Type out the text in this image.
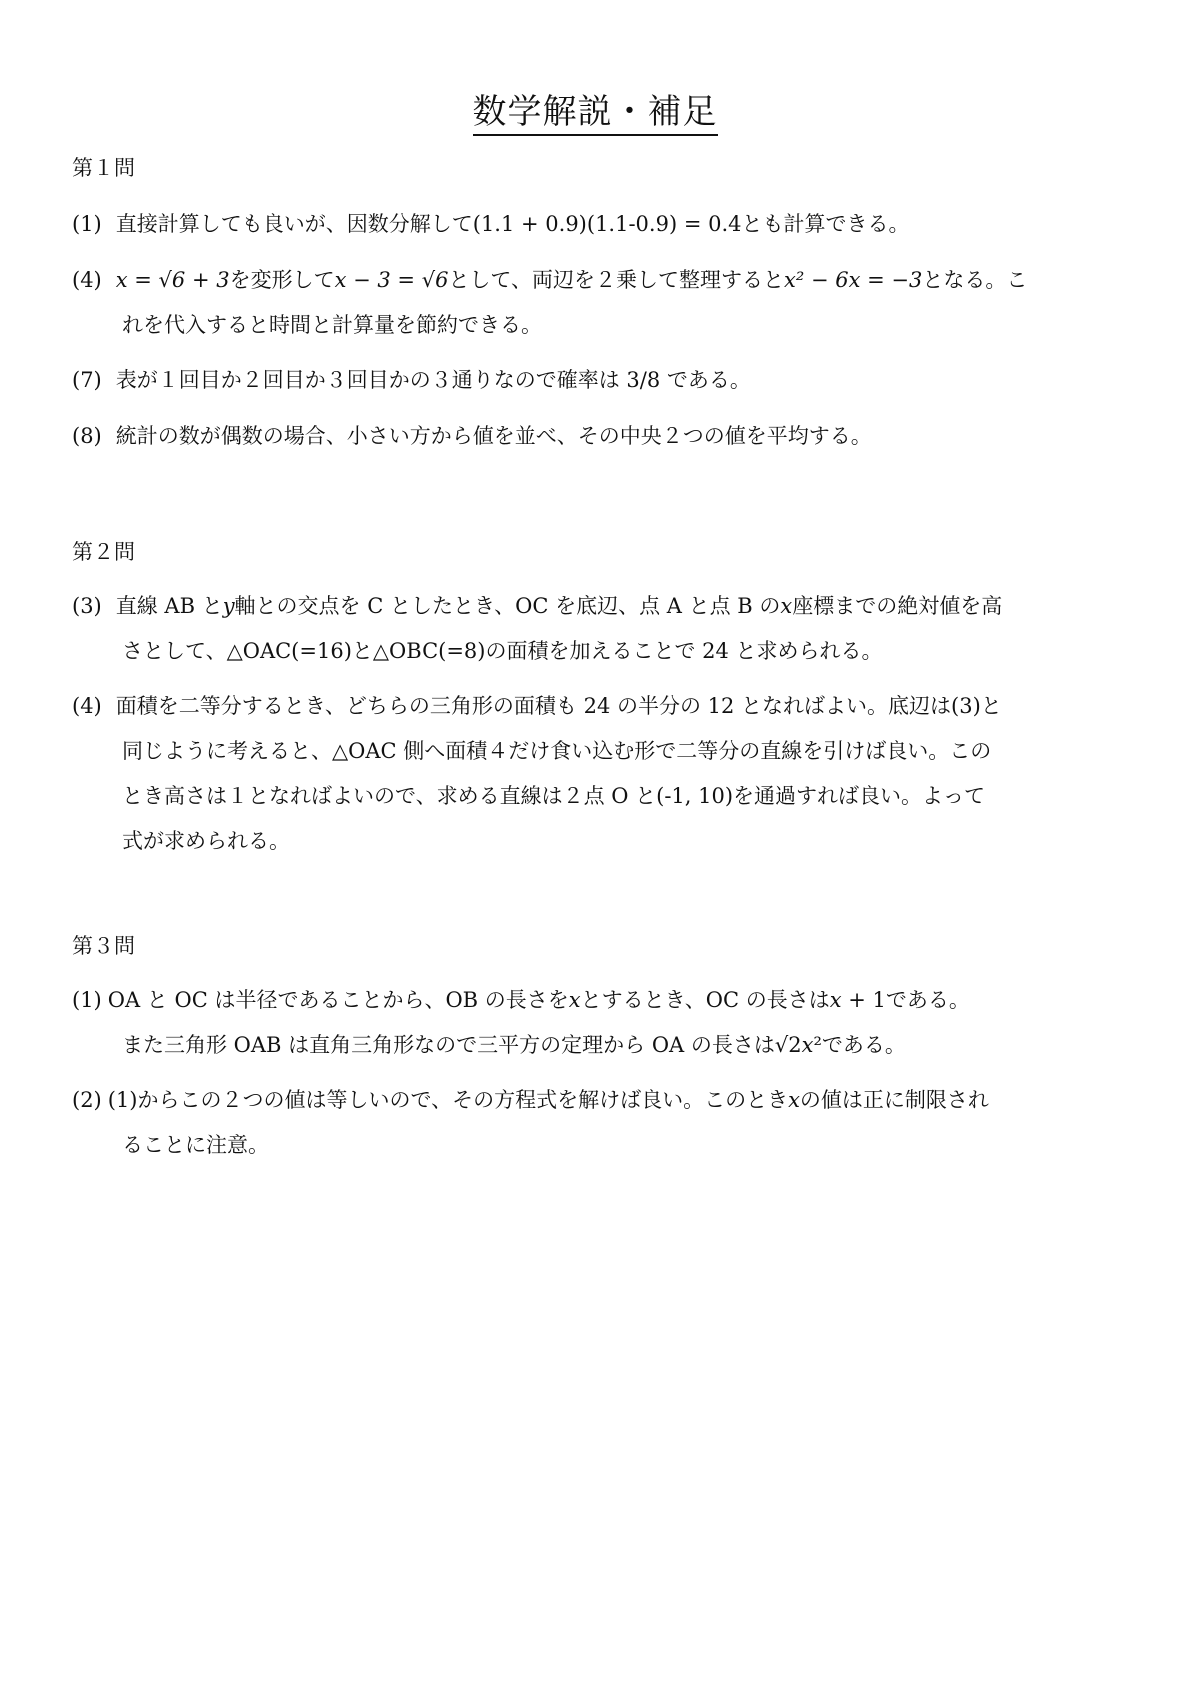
数学解説・補足
第１問
(1) 直接計算しても良いが、因数分解して(1.1 + 0.9)(1.1-0.9) = 0.4とも計算できる。
(4) x = √6 + 3を変形してx − 3 = √6として、両辺を２乗して整理するとx² − 6x = −3となる。こ
れを代入すると時間と計算量を節約できる。
(7) 表が１回目か２回目か３回目かの３通りなので確率は 3/8 である。
(8) 統計の数が偶数の場合、小さい方から値を並べ、その中央２つの値を平均する。
第２問
(3) 直線 AB と𝑦軸との交点を C としたとき、OC を底辺、点 A と点 B の𝑥座標までの絶対値を高
さとして、△OAC(=16)と△OBC(=8)の面積を加えることで 24 と求められる。
(4) 面積を二等分するとき、どちらの三角形の面積も 24 の半分の 12 となればよい。底辺は(3)と
同じように考えると、△OAC 側へ面積４だけ食い込む形で二等分の直線を引けば良い。この
とき高さは１となればよいので、求める直線は２点 O と(-1, 10)を通過すれば良い。よって
式が求められる。
第３問
(1) OA と OC は半径であることから、OB の長さを𝑥とするとき、OC の長さは𝑥 + 1である。
また三角形 OAB は直角三角形なので三平方の定理から OA の長さは√2𝑥²である。
(2) (1)からこの２つの値は等しいので、その方程式を解けば良い。このとき𝑥の値は正に制限され
ることに注意。
